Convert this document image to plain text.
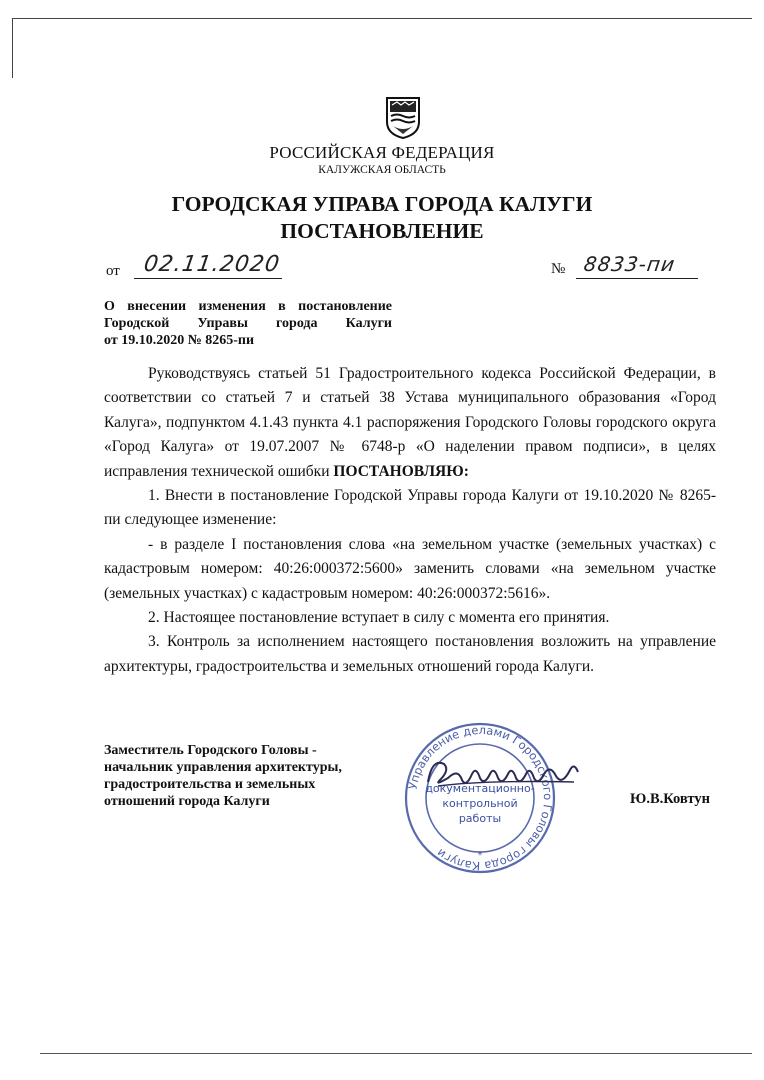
РОССИЙСКАЯ ФЕДЕРАЦИЯ
КАЛУЖСКАЯ ОБЛАСТЬ
ГОРОДСКАЯ УПРАВА ГОРОДА КАЛУГИ
ПОСТАНОВЛЕНИЕ
от 02.11.2020	№ 8833-пи
О внесении изменения в постановление
Городской Управы города Калуги
от 19.10.2020 № 8265-пи

Руководствуясь статьей 51 Градостроительного кодекса Российской Федерации, в соответствии со статьей 7 и статьей 38 Устава муниципального образования «Город Калуга», подпунктом 4.1.43 пункта 4.1 распоряжения Городского Головы городского округа «Город Калуга» от 19.07.2007 № 6748-р «О наделении правом подписи», в целях исправления технической ошибки ПОСТАНОВЛЯЮ:

1. Внести в постановление Городской Управы города Калуги от 19.10.2020 № 8265-пи следующее изменение:

- в разделе I постановления слова «на земельном участке (земельных участках) с кадастровым номером: 40:26:000372:5600» заменить словами «на земельном участке (земельных участках) с кадастровым номером: 40:26:000372:5616».

2. Настоящее постановление вступает в силу с момента его принятия.

3. Контроль за исполнением настоящего постановления возложить на управление архитектуры, градостроительства и земельных отношений города Калуги.

Заместитель Городского Головы -
начальник управления архитектуры,
градостроительства и земельных
отношений города Калуги	Ю.В.Ковтун
Управление делами Городского Головы города Калуги
документационно-
контрольной
работы
*
